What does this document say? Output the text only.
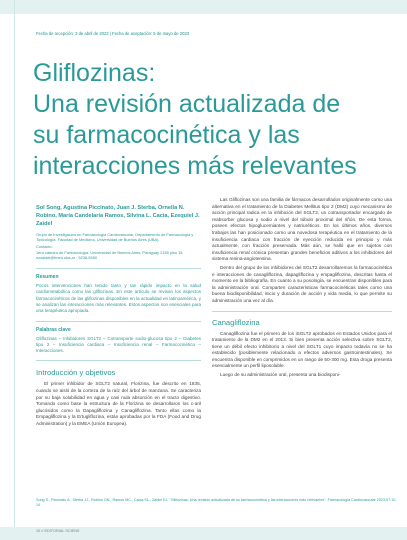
Fecha de recepción: 3 de abril de 2023 | Fecha de aceptación: 5 de mayo de 2023
Gliflozinas:
Una revisión actualizada de
su farmacocinética y las
interacciones más relevantes

Sol Song, Agustina Piccinato, Juan J. Sterba, Ornella N. Robino, María Candelaria Ramos, Silvina L. Cacia, Ezequiel J. Zaidel

Grupo de Investigación en Farmacología Cardiovascular, Departamento de Farmacología y Toxicología, Facultad de Medicina, Universidad de Buenos Aires (UBA).

Contacto:

1era cátedra de Farmacología, Universidad de Buenos Aires, Paraguay 2155 piso 15. ezzaidel@fmed.uba.ar · 5238-5950

Resumen

Pocos intervenciones han tenido tanto y tan rápido impacto en la salud cardiometabólica como las gliflozinas. En este artículo se revisan los aspectos farmacocinéticos de las gliflozinas disponibles en la actualidad en latinoamérica, y se analizan las interacciones más relevantes. Estos aspectos son esenciales para una terapéutica apropiada.

Palabras clave

Gliflozinas – Inhibidores SGLT2 – Cotransporte sodio-glucosa tipo 2 – Diabetes tipo 2 – Insuficiencia cardiaca – Insuficiencia renal – Farmacocinética – Interacciones.

Introducción y objetivos

El primer inhibidor de SGLT2 natural, Florizina, fue descrito en 1835, cuando se aisló de la corteza de la raíz del árbol de manzana. Se caracteriza por su baja solubilidad en agua y casi nula absorción en el tracto digestivo. Tomando como base la estructura de la Florizina se desarrollaron los c-aril glucósidos como la Dapagliflozina y Canagliflozina. Tanto ellas como la Empagliflozina y la Ertugliflozina, están aprobadas por la FDA (Food and Drug Administration) y la EMEA (Unión Europea).

Las Gliflozinas son una familia de fármacos desarrollados originalmente como una alternativa en el tratamiento de la Diabetes Mellitus tipo 2 (DM2) cuyo mecanismo de acción principal radica en la inhibición del SGLT2, un cotransportador encargado de reabsorber glucosa y sodio a nivel del túbulo proximal del riñón. De esta forma, poseen efectos hipoglucemiantes y natriuréticos. En los últimos años, diversos trabajos las han posicionado como una novedosa terapéutica en el tratamiento de la insuficiencia cardiaca con fracción de eyección reducida en principio y más actualmente, con fracción preservada. Más aún, se halló que en sujetos con insuficiencia renal crónica presentan grandes beneficios aditivos a los inhibidores del sistema renina-angiotensina.

Dentro del grupo de los inhibidores del SGLT2 desarrollaremos la farmacocinética e interacciones de canagliflozina, dapagliflozina y empagliflozina, descritas hasta el momento en la bibliografía. En cuanto a su posología, se encuentran disponibles para la administración oral. Comparten características farmacocinéticas tales como una buena biodisponibilidad, inicio y duración de acción y vida media, lo que permite su administración una vez al día.

Canagliflozina

Canagliflozina fue el primero de los iSGLT2 aprobados en Estados Unidos para el tratamiento de la DM2 en el 2013. Si bien presenta acción selectiva sobre SGLT2, tiene un débil efecto inhibitorio a nivel del SGLT1 cuyo impacto todavía no se ha establecido (posiblemente relacionado a efectos adversos gastrointestinales). Se encuentra disponible en comprimidos en un rango de 50-300 mg. Esta droga presenta esencialmente un perfil liposoluble.

Luego de su administración oral, presenta una biodisponi-

Song S., Piccinato A., Sterba JJ., Robino ON., Ramos MC., Cacia SL., Zaidel EJ. "Gliflozinas: Una revisión actualizada de su farmacocinética y las interacciones más relevantes". Farmacología Cardiovascular 2023;57:10-14.

10 // EDITORIAL SCIENS
